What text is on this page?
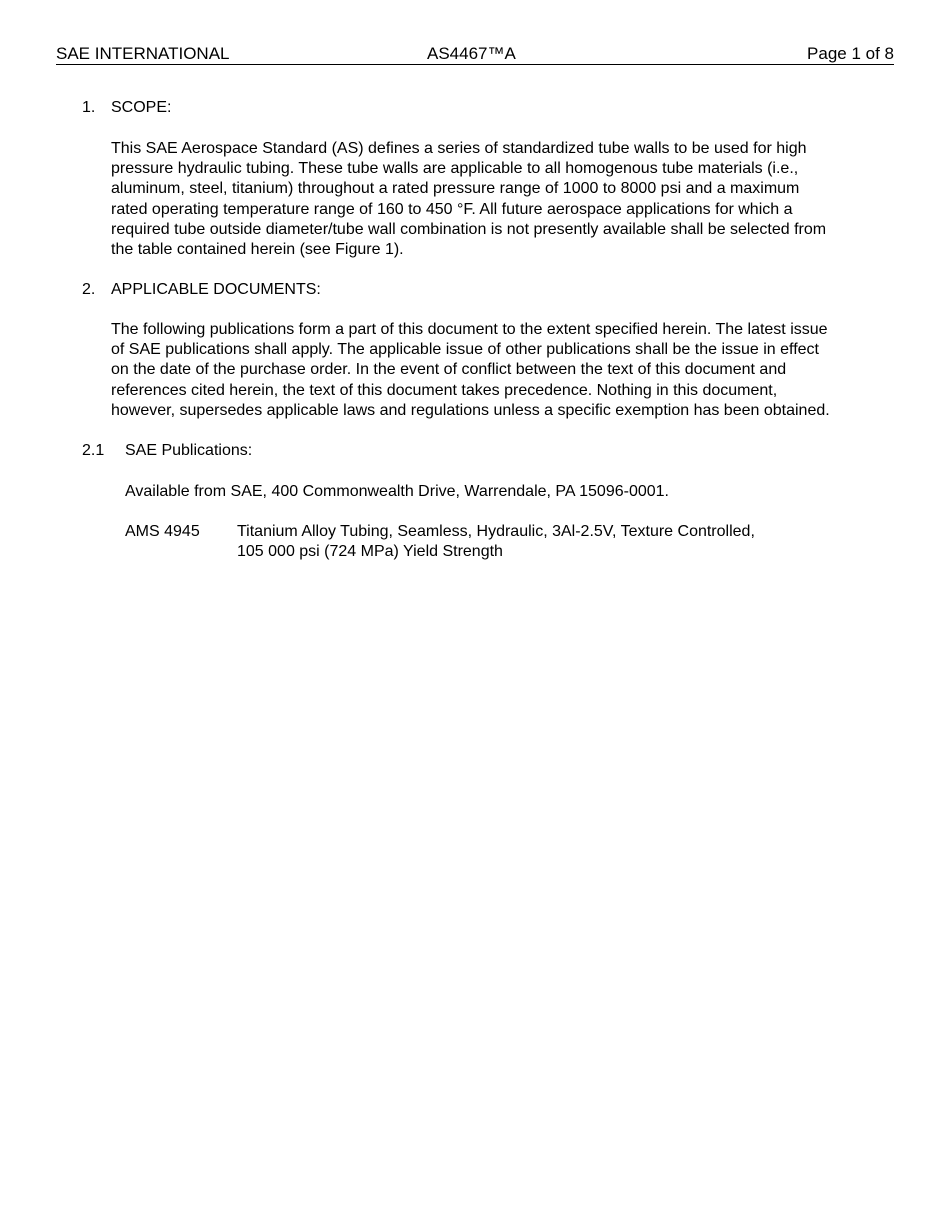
SAE INTERNATIONAL	AS4467™A	Page 1 of 8
1. SCOPE:
This SAE Aerospace Standard (AS) defines a series of standardized tube walls to be used for high
pressure hydraulic tubing. These tube walls are applicable to all homogenous tube materials (i.e.,
aluminum, steel, titanium) throughout a rated pressure range of 1000 to 8000 psi and a maximum
rated operating temperature range of 160 to 450 °F. All future aerospace applications for which a
required tube outside diameter/tube wall combination is not presently available shall be selected from
the table contained herein (see Figure 1).
2. APPLICABLE DOCUMENTS:
The following publications form a part of this document to the extent specified herein. The latest issue
of SAE publications shall apply. The applicable issue of other publications shall be the issue in effect
on the date of the purchase order. In the event of conflict between the text of this document and
references cited herein, the text of this document takes precedence. Nothing in this document,
however, supersedes applicable laws and regulations unless a specific exemption has been obtained.
2.1 SAE Publications:
Available from SAE, 400 Commonwealth Drive, Warrendale, PA 15096-0001.
AMS 4945 Titanium Alloy Tubing, Seamless, Hydraulic, 3Al-2.5V, Texture Controlled,
105 000 psi (724 MPa) Yield Strength
